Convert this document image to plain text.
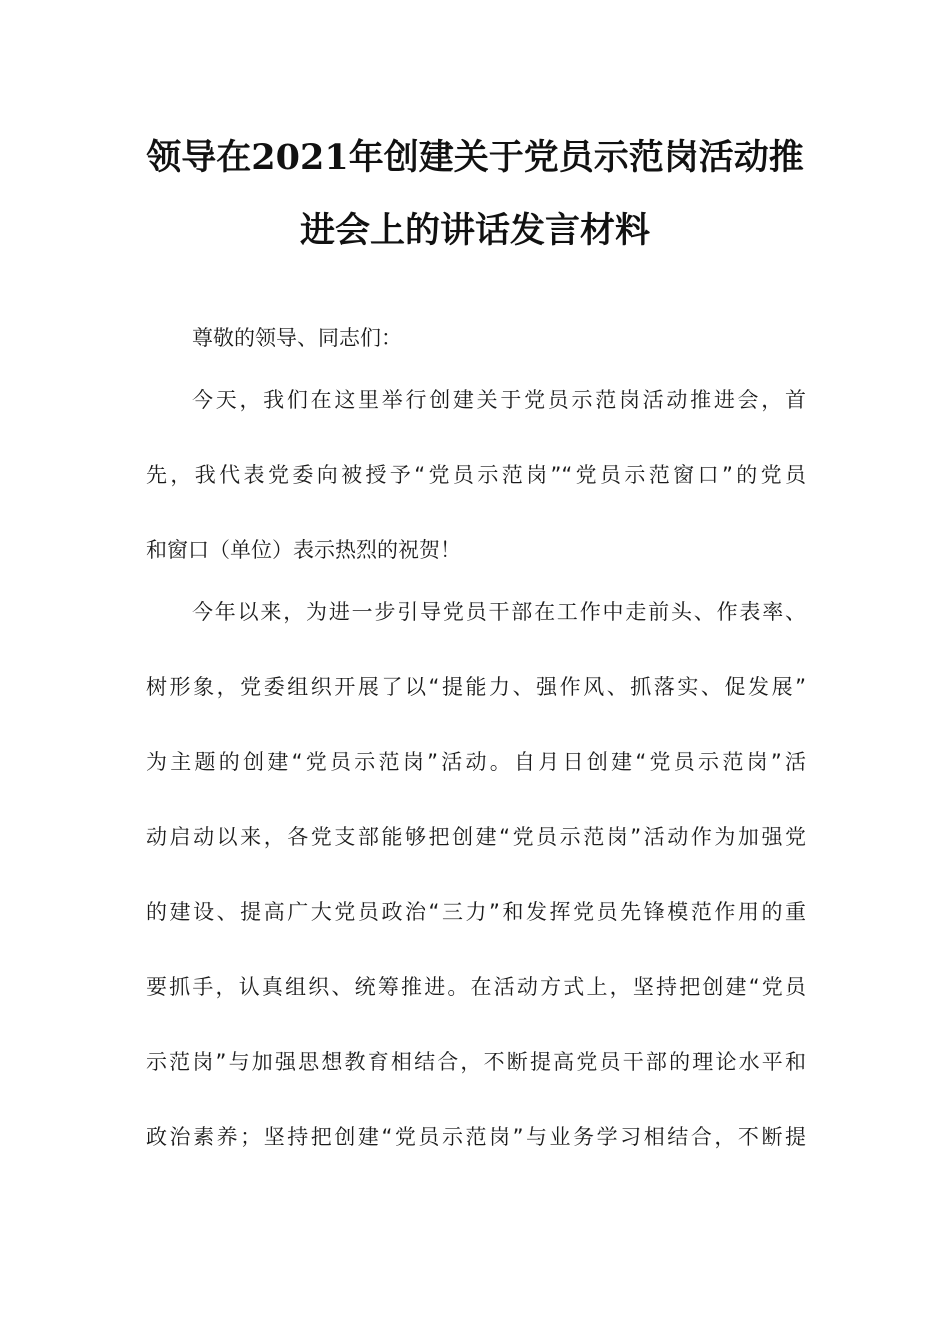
领导在2021年创建关于党员示范岗活动推
进会上的讲话发言材料
尊敬的领导、同志们：
今天，我们在这里举行创建关于党员示范岗活动推进会，首
先，我代表党委向被授予“党员示范岗”“党员示范窗口”的党员
和窗口（单位）表示热烈的祝贺！
今年以来，为进一步引导党员干部在工作中走前头、作表率、
树形象，党委组织开展了以“提能力、强作风、抓落实、促发展”
为主题的创建“党员示范岗”活动。自月日创建“党员示范岗”活
动启动以来，各党支部能够把创建“党员示范岗”活动作为加强党
的建设、提高广大党员政治“三力”和发挥党员先锋模范作用的重
要抓手，认真组织、统筹推进。在活动方式上，坚持把创建“党员
示范岗”与加强思想教育相结合，不断提高党员干部的理论水平和
政治素养；坚持把创建“党员示范岗”与业务学习相结合，不断提
